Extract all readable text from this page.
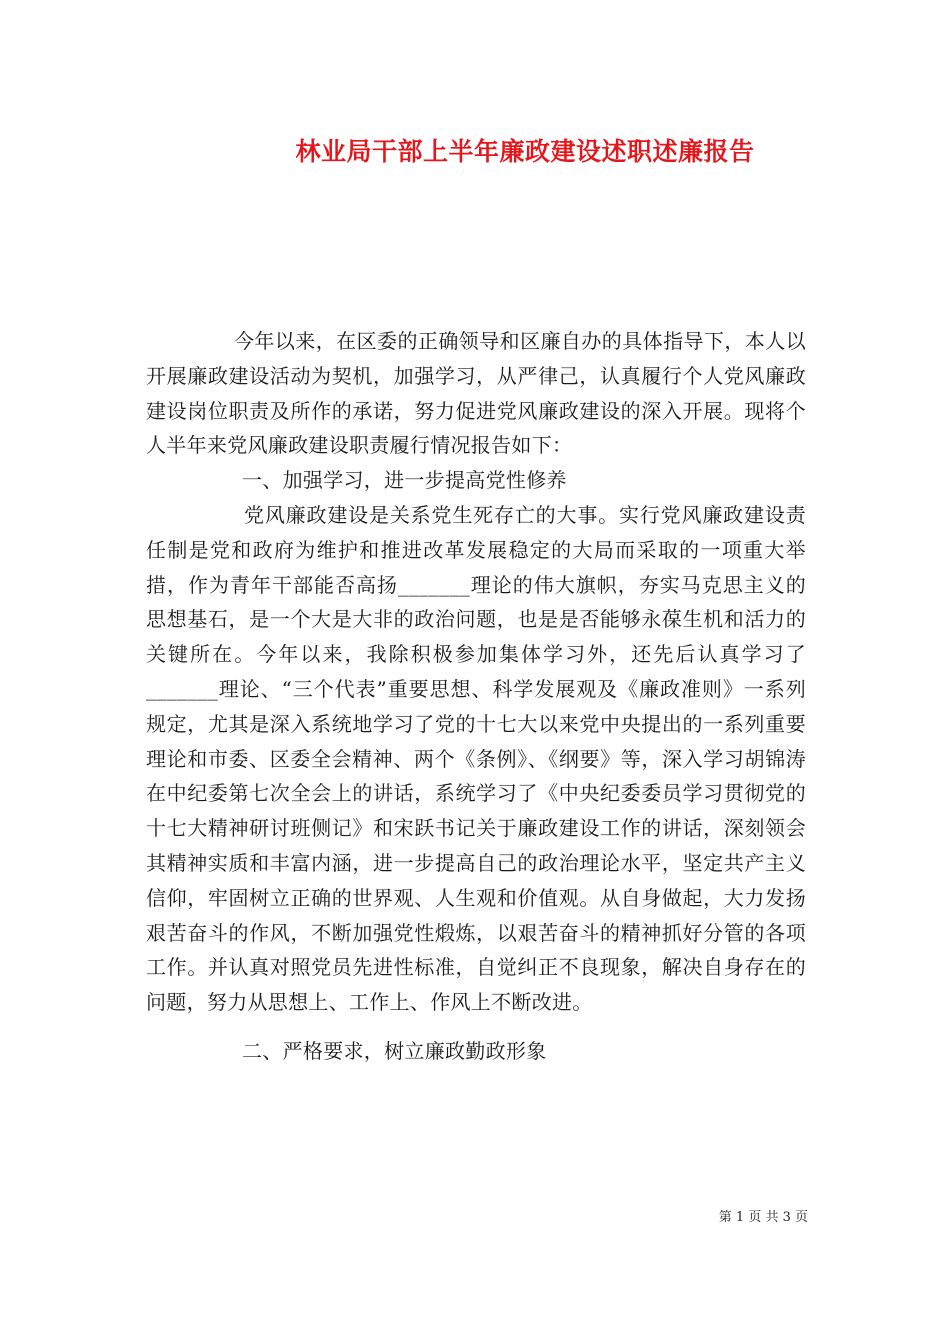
林业局干部上半年廉政建设述职述廉报告

今年以来，在区委的正确领导和区廉自办的具体指导下，本人以开展廉政建设活动为契机，加强学习，从严律己，认真履行个人党风廉政建设岗位职责及所作的承诺，努力促进党风廉政建设的深入开展。现将个人半年来党风廉政建设职责履行情况报告如下：

一、加强学习，进一步提高党性修养

党风廉政建设是关系党生死存亡的大事。实行党风廉政建设责任制是党和政府为维护和推进改革发展稳定的大局而采取的一项重大举措，作为青年干部能否高扬_______理论的伟大旗帜，夯实马克思主义的思想基石，是一个大是大非的政治问题，也是是否能够永葆生机和活力的关键所在。今年以来，我除积极参加集体学习外，还先后认真学习了_______理论、“三个代表”重要思想、科学发展观及《廉政准则》一系列规定，尤其是深入系统地学习了党的十七大以来党中央提出的一系列重要理论和市委、区委全会精神、两个《条例》、《纲要》等，深入学习胡锦涛在中纪委第七次全会上的讲话，系统学习了《中央纪委委员学习贯彻党的十七大精神研讨班侧记》和宋跃书记关于廉政建设工作的讲话，深刻领会其精神实质和丰富内涵，进一步提高自己的政治理论水平，坚定共产主义信仰，牢固树立正确的世界观、人生观和价值观。从自身做起，大力发扬艰苦奋斗的作风，不断加强党性煅炼，以艰苦奋斗的精神抓好分管的各项工作。并认真对照党员先进性标准，自觉纠正不良现象，解决自身存在的问题，努力从思想上、工作上、作风上不断改进。

二、严格要求，树立廉政勤政形象

第 1 页 共 3 页
